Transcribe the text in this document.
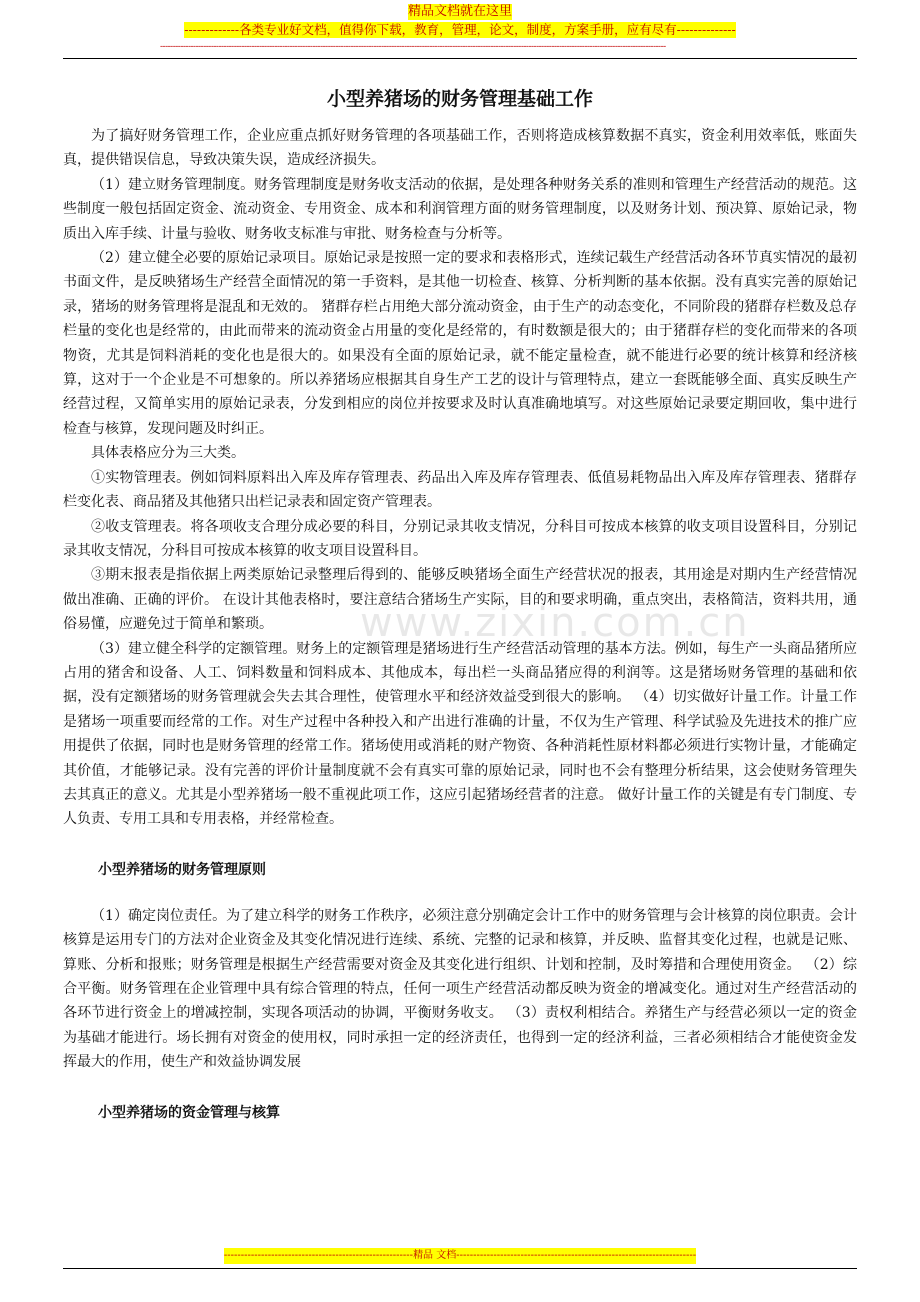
精品文档就在这里
-------------各类专业好文档，值得你下载，教育，管理，论文，制度，方案手册，应有尽有--------------
-------------------------------------------------------------------------------------------------------------------------------------------------------------------------------------------------------
www.zixin.com.cn
小型养猪场的财务管理基础工作

为了搞好财务管理工作，企业应重点抓好财务管理的各项基础工作，否则将造成核算数据不真实，资金利用效率低，账面失真，提供错误信息，导致决策失误，造成经济损失。

（1）建立财务管理制度。财务管理制度是财务收支活动的依据，是处理各种财务关系的准则和管理生产经营活动的规范。这些制度一般包括固定资金、流动资金、专用资金、成本和利润管理方面的财务管理制度，以及财务计划、预决算、原始记录，物质出入库手续、计量与验收、财务收支标准与审批、财务检查与分析等。

（2）建立健全必要的原始记录项目。原始记录是按照一定的要求和表格形式，连续记载生产经营活动各环节真实情况的最初书面文件，是反映猪场生产经营全面情况的第一手资料，是其他一切检查、核算、分析判断的基本依据。没有真实完善的原始记录，猪场的财务管理将是混乱和无效的。 猪群存栏占用绝大部分流动资金，由于生产的动态变化，不同阶段的猪群存栏数及总存栏量的变化也是经常的，由此而带来的流动资金占用量的变化是经常的，有时数额是很大的；由于猪群存栏的变化而带来的各项物资，尤其是饲料消耗的变化也是很大的。如果没有全面的原始记录，就不能定量检查，就不能进行必要的统计核算和经济核算，这对于一个企业是不可想象的。所以养猪场应根据其自身生产工艺的设计与管理特点，建立一套既能够全面、真实反映生产经营过程，又简单实用的原始记录表，分发到相应的岗位并按要求及时认真准确地填写。对这些原始记录要定期回收，集中进行检查与核算，发现问题及时纠正。

具体表格应分为三大类。

①实物管理表。例如饲料原料出入库及库存管理表、药品出入库及库存管理表、低值易耗物品出入库及库存管理表、猪群存栏变化表、商品猪及其他猪只出栏记录表和固定资产管理表。

②收支管理表。将各项收支合理分成必要的科目，分别记录其收支情况，分科目可按成本核算的收支项目设置科目，分别记录其收支情况，分科目可按成本核算的收支项目设置科目。

③期末报表是指依据上两类原始记录整理后得到的、能够反映猪场全面生产经营状况的报表，其用途是对期内生产经营情况做出准确、正确的评价。 在设计其他表格时，要注意结合猪场生产实际，目的和要求明确，重点突出，表格简洁，资料共用，通俗易懂，应避免过于简单和繁琐。

（3）建立健全科学的定额管理。财务上的定额管理是猪场进行生产经营活动管理的基本方法。例如，每生产一头商品猪所应占用的猪舍和设备、人工、饲料数量和饲料成本、其他成本，每出栏一头商品猪应得的利润等。这是猪场财务管理的基础和依据，没有定额猪场的财务管理就会失去其合理性，使管理水平和经济效益受到很大的影响。 （4）切实做好计量工作。计量工作是猪场一项重要而经常的工作。对生产过程中各种投入和产出进行准确的计量，不仅为生产管理、科学试验及先进技术的推广应用提供了依据，同时也是财务管理的经常工作。猪场使用或消耗的财产物资、各种消耗性原材料都必须进行实物计量，才能确定其价值，才能够记录。没有完善的评价计量制度就不会有真实可靠的原始记录，同时也不会有整理分析结果，这会使财务管理失去其真正的意义。尤其是小型养猪场一般不重视此项工作，这应引起猪场经营者的注意。 做好计量工作的关键是有专门制度、专人负责、专用工具和专用表格，并经常检查。

小型养猪场的财务管理原则

（1）确定岗位责任。为了建立科学的财务工作秩序，必须注意分别确定会计工作中的财务管理与会计核算的岗位职责。会计核算是运用专门的方法对企业资金及其变化情况进行连续、系统、完整的记录和核算，并反映、监督其变化过程，也就是记账、算账、分析和报账；财务管理是根据生产经营需要对资金及其变化进行组织、计划和控制，及时筹措和合理使用资金。 （2）综合平衡。财务管理在企业管理中具有综合管理的特点，任何一项生产经营活动都反映为资金的增减变化。通过对生产经营活动的各环节进行资金上的增减控制，实现各项活动的协调，平衡财务收支。 （3）责权利相结合。养猪生产与经营必须以一定的资金为基础才能进行。场长拥有对资金的使用权，同时承担一定的经济责任，也得到一定的经济利益，三者必须相结合才能使资金发挥最大的作用，使生产和效益协调发展

小型养猪场的资金管理与核算
--------------------------------------------------------精品 文档-----------------------------------------------------------------------
